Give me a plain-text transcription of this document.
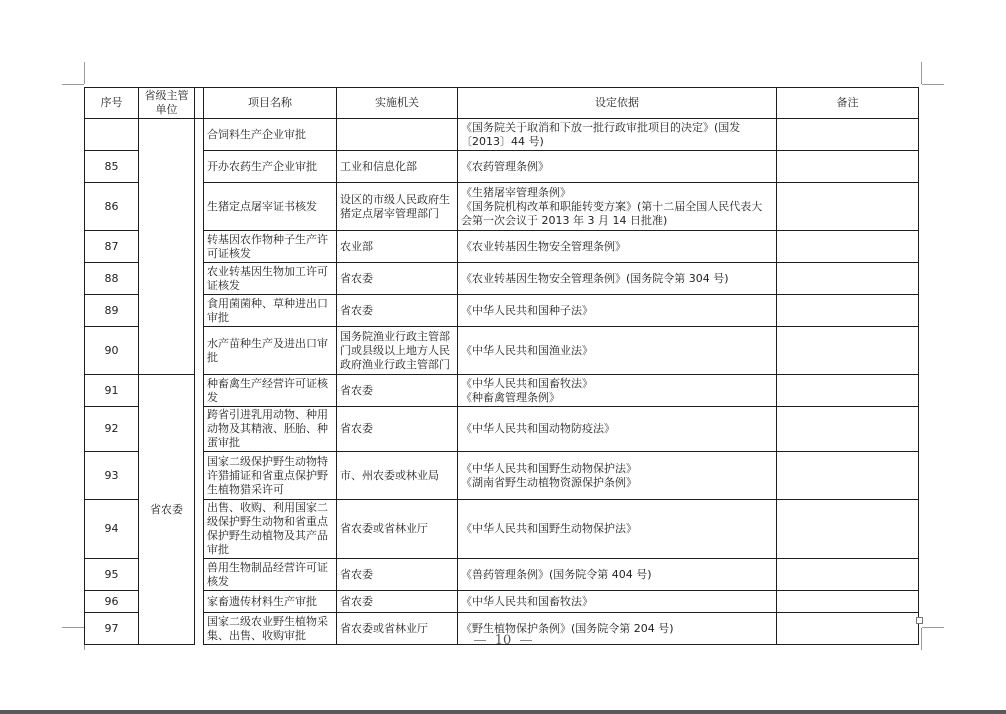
序号	省级主管单位		项目名称	实施机关	设定依据	备注
			合饲料生产企业审批		《国务院关于取消和下放一批行政审批项目的决定》(国发〔2013〕44 号)	
85			开办农药生产企业审批	工业和信息化部	《农药管理条例》	
86			生猪定点屠宰证书核发	设区的市级人民政府生猪定点屠宰管理部门	《生猪屠宰管理条例》
《国务院机构改革和职能转变方案》(第十二届全国人民代表大会第一次会议于 2013 年 3 月 14 日批准)	
87			转基因农作物种子生产许可证核发	农业部	《农业转基因生物安全管理条例》	
88			农业转基因生物加工许可证核发	省农委	《农业转基因生物安全管理条例》(国务院令第 304 号)	
89			食用菌菌种、草种进出口审批	省农委	《中华人民共和国种子法》	
90			水产苗种生产及进出口审批	国务院渔业行政主管部门或县级以上地方人民政府渔业行政主管部门	《中华人民共和国渔业法》	
91	省农委		种畜禽生产经营许可证核发	省农委	《中华人民共和国畜牧法》
《种畜禽管理条例》	
92			跨省引进乳用动物、种用动物及其精液、胚胎、种蛋审批	省农委	《中华人民共和国动物防疫法》	
93			国家二级保护野生动物特许猎捕证和省重点保护野生植物猎采许可	市、州农委或林业局	《中华人民共和国野生动物保护法》
《湖南省野生动植物资源保护条例》	
94			出售、收购、利用国家二级保护野生动物和省重点保护野生动植物及其产品审批	省农委或省林业厅	《中华人民共和国野生动物保护法》	
95			兽用生物制品经营许可证核发	省农委	《兽药管理条例》(国务院令第 404 号)	
96			家畜遗传材料生产审批	省农委	《中华人民共和国畜牧法》	
97			国家二级农业野生植物采集、出售、收购审批	省农委或省林业厅	《野生植物保护条例》(国务院令第 204 号)	
— 10 —
